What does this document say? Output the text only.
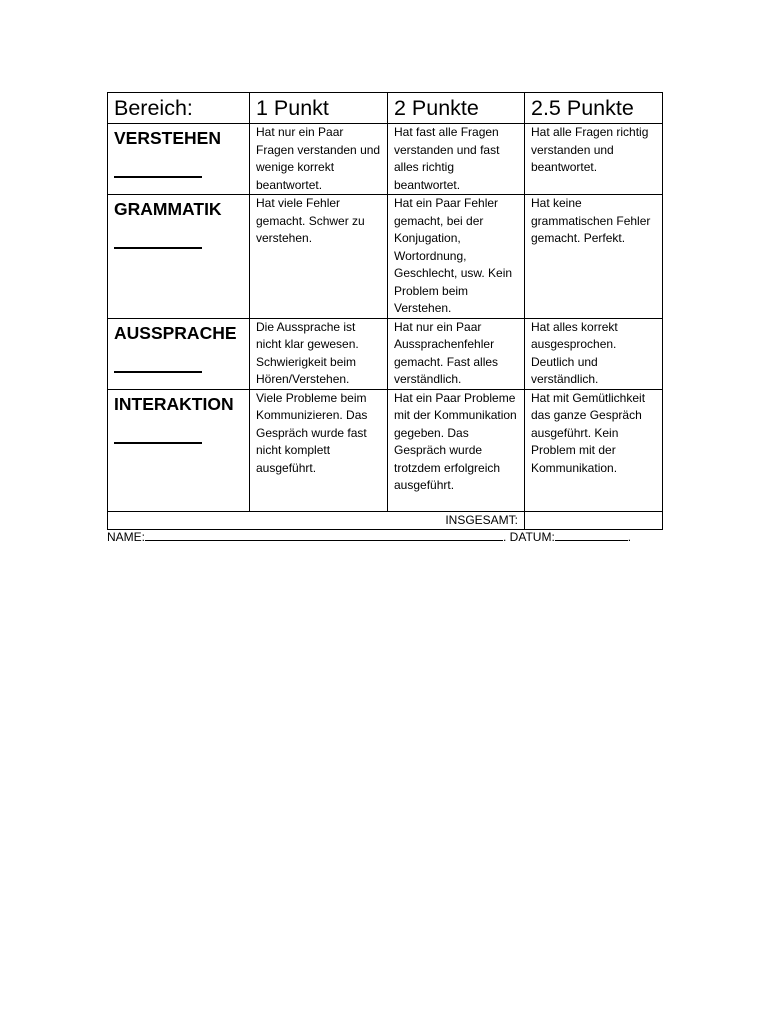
Bereich:	1 Punkt	2 Punkte	2.5 Punkte

VERSTEHEN	Hat nur ein Paar Fragen verstanden und wenige korrekt beantwortet.	Hat fast alle Fragen verstanden und fast alles richtig beantwortet.	Hat alle Fragen richtig verstanden und beantwortet.

GRAMMATIK	Hat viele Fehler gemacht. Schwer zu verstehen.	Hat ein Paar Fehler gemacht, bei der Konjugation, Wortordnung, Geschlecht, usw. Kein Problem beim Verstehen.	Hat keine grammatischen Fehler gemacht. Perfekt.

AUSSPRACHE	Die Aussprache ist nicht klar gewesen. Schwierigkeit beim Hören/Verstehen.	Hat nur ein Paar Aussprachenfehler gemacht. Fast alles verständlich.	Hat alles korrekt ausgesprochen. Deutlich und verständlich.

INTERAKTION	Viele Probleme beim Kommunizieren. Das Gespräch wurde fast nicht komplett ausgeführt.	Hat ein Paar Probleme mit der Kommunikation gegeben. Das Gespräch wurde trotzdem erfolgreich ausgeführt.	Hat mit Gemütlichkeit das ganze Gespräch ausgeführt. Kein Problem mit der Kommunikation.
INSGESAMT:			
NAME:	. DATUM:	.
